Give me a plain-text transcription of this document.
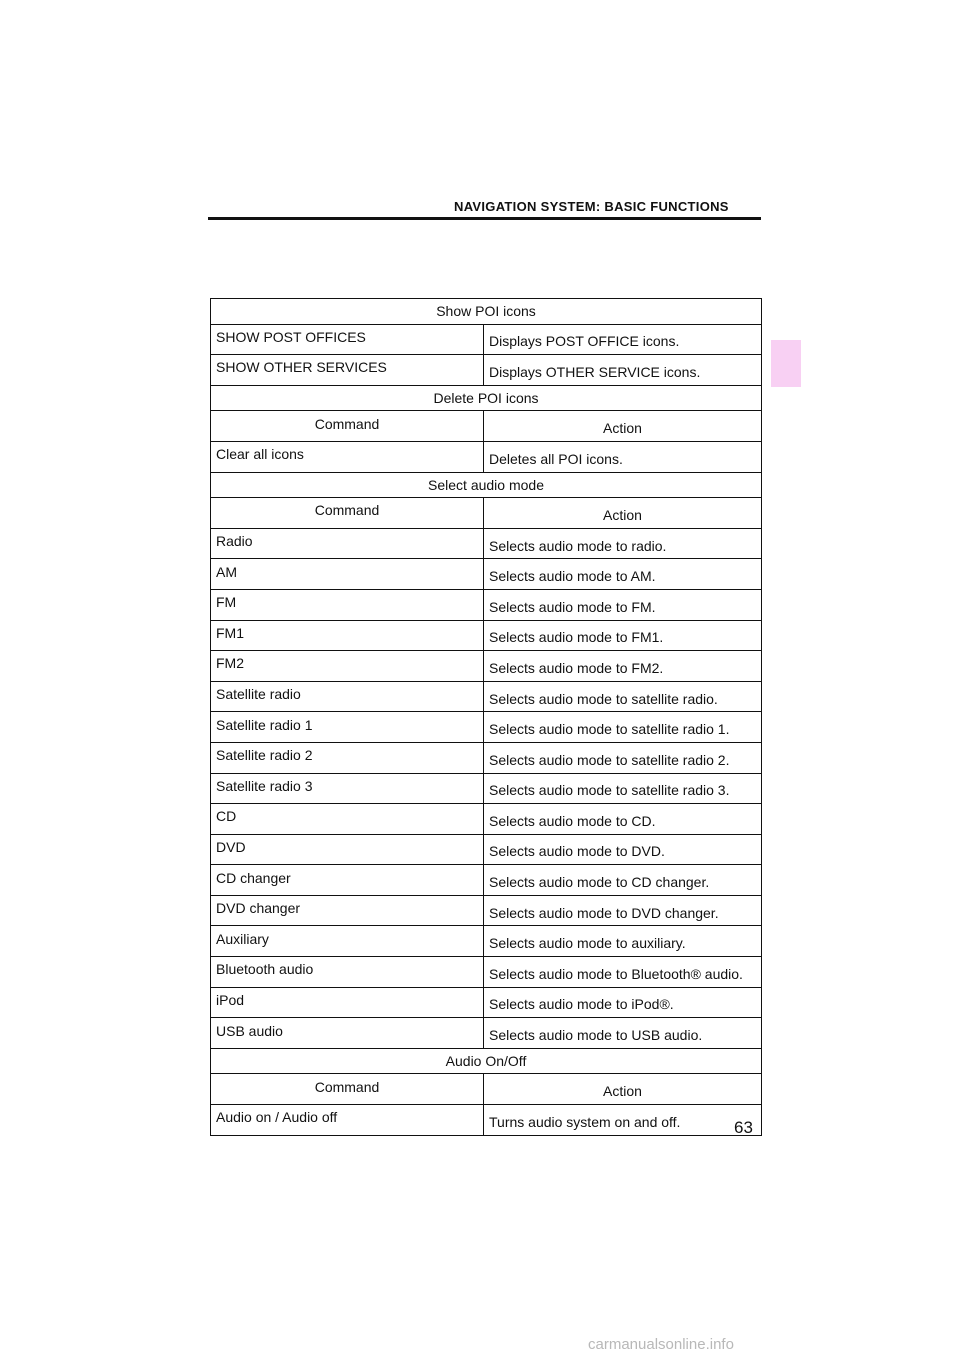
NAVIGATION SYSTEM: BASIC FUNCTIONS
Show POI icons	
SHOW POST OFFICES	Displays POST OFFICE icons.
SHOW OTHER SERVICES	Displays OTHER SERVICE icons.
Delete POI icons	
Command	Action
Clear all icons	Deletes all POI icons.
Select audio mode	
Command	Action
Radio	Selects audio mode to radio.
AM	Selects audio mode to AM.
FM	Selects audio mode to FM.
FM1	Selects audio mode to FM1.
FM2	Selects audio mode to FM2.
Satellite radio	Selects audio mode to satellite radio.
Satellite radio 1	Selects audio mode to satellite radio 1.
Satellite radio 2	Selects audio mode to satellite radio 2.
Satellite radio 3	Selects audio mode to satellite radio 3.
CD	Selects audio mode to CD.
DVD	Selects audio mode to DVD.
CD changer	Selects audio mode to CD changer.
DVD changer	Selects audio mode to DVD changer.
Auxiliary	Selects audio mode to auxiliary.
Bluetooth audio	Selects audio mode to Bluetooth® audio.
iPod	Selects audio mode to iPod®.
USB audio	Selects audio mode to USB audio.
Audio On/Off	
Command	Action
Audio on / Audio off	Turns audio system on and off.	63
carmanualsonline.info
